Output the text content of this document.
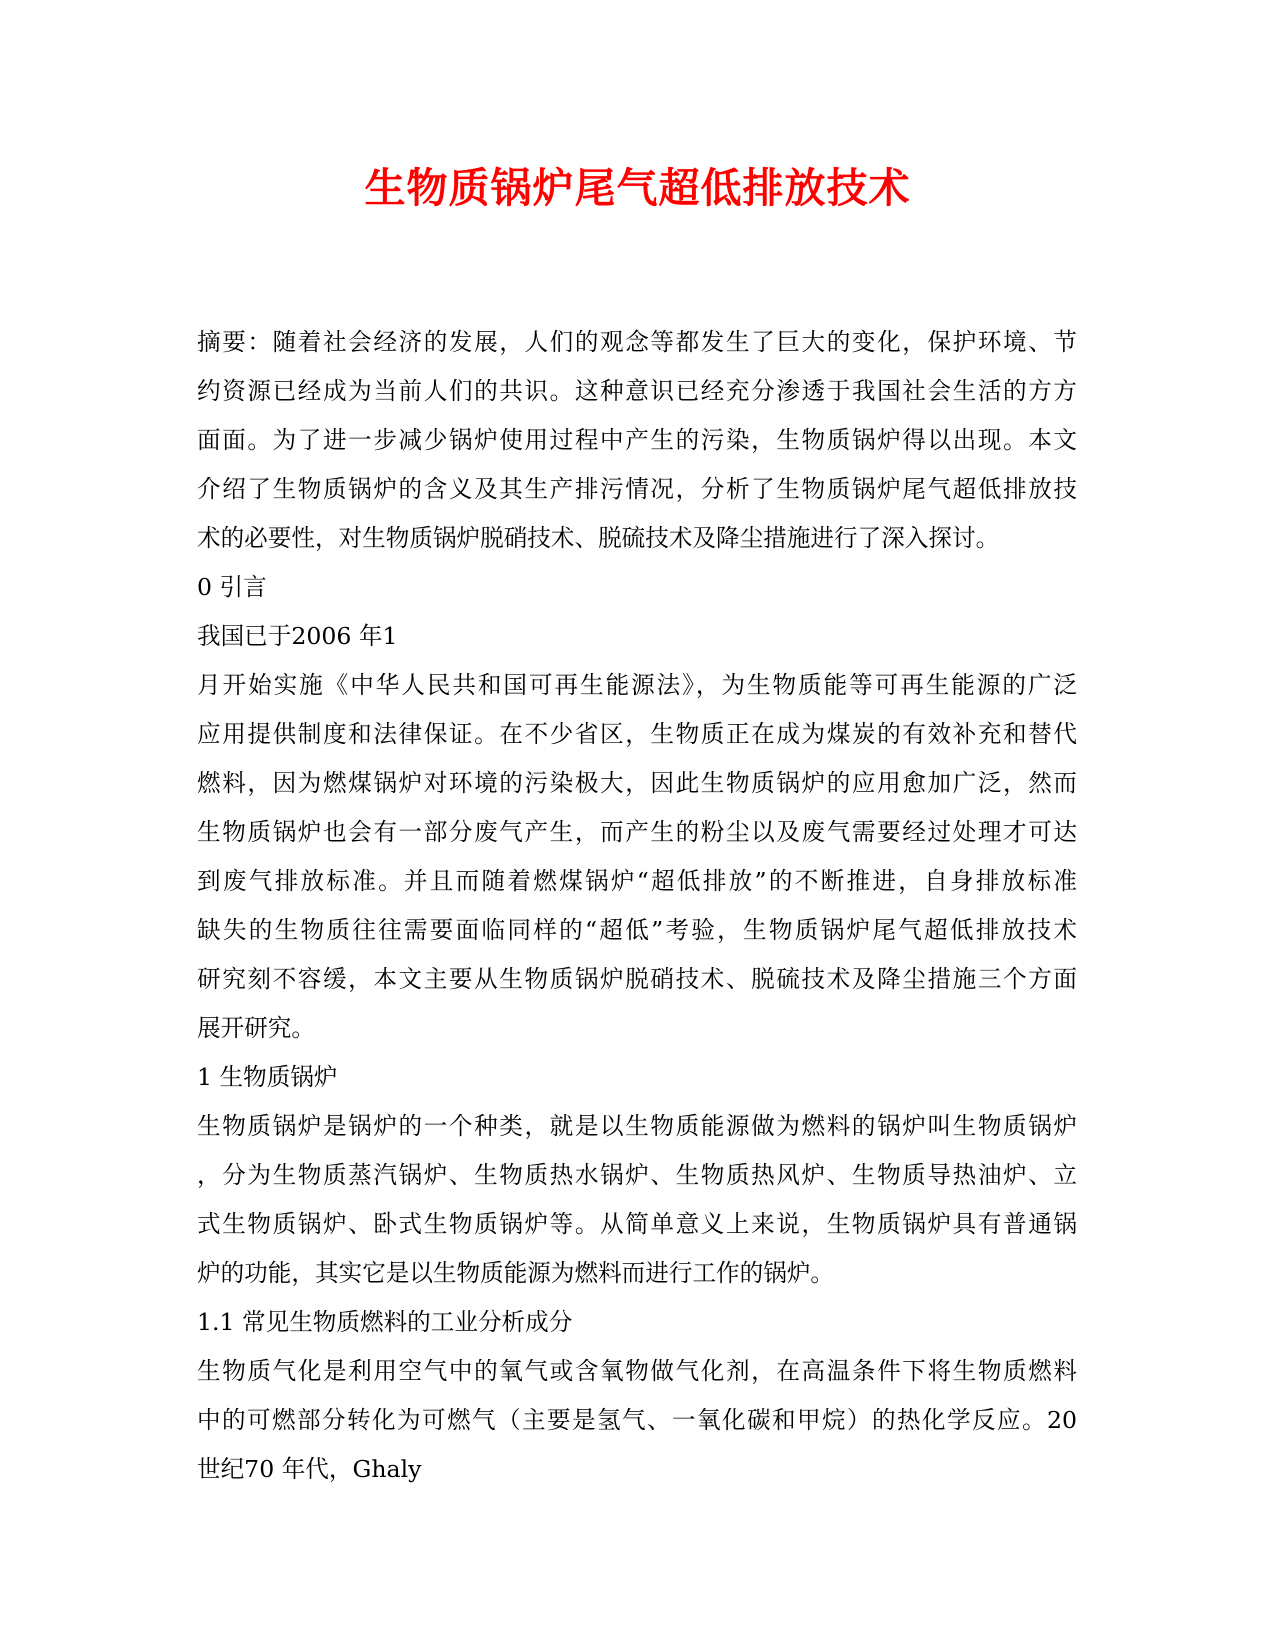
生物质锅炉尾气超低排放技术
摘要：随着社会经济的发展，人们的观念等都发生了巨大的变化，保护环境、节
约资源已经成为当前人们的共识。这种意识已经充分渗透于我国社会生活的方方
面面。为了进一步减少锅炉使用过程中产生的污染，生物质锅炉得以出现。本文
介绍了生物质锅炉的含义及其生产排污情况，分析了生物质锅炉尾气超低排放技
术的必要性，对生物质锅炉脱硝技术、脱硫技术及降尘措施进行了深入探讨。
0 引言
我国已于2006 年1
月开始实施《中华人民共和国可再生能源法》，为生物质能等可再生能源的广泛
应用提供制度和法律保证。在不少省区，生物质正在成为煤炭的有效补充和替代
燃料，因为燃煤锅炉对环境的污染极大，因此生物质锅炉的应用愈加广泛，然而
生物质锅炉也会有一部分废气产生，而产生的粉尘以及废气需要经过处理才可达
到废气排放标准。并且而随着燃煤锅炉“超低排放”的不断推进，自身排放标准
缺失的生物质往往需要面临同样的“超低”考验，生物质锅炉尾气超低排放技术
研究刻不容缓，本文主要从生物质锅炉脱硝技术、脱硫技术及降尘措施三个方面
展开研究。
1 生物质锅炉
生物质锅炉是锅炉的一个种类，就是以生物质能源做为燃料的锅炉叫生物质锅炉
，分为生物质蒸汽锅炉、生物质热水锅炉、生物质热风炉、生物质导热油炉、立
式生物质锅炉、卧式生物质锅炉等。从简单意义上来说，生物质锅炉具有普通锅
炉的功能，其实它是以生物质能源为燃料而进行工作的锅炉。
1.1 常见生物质燃料的工业分析成分
生物质气化是利用空气中的氧气或含氧物做气化剂，在高温条件下将生物质燃料
中的可燃部分转化为可燃气（主要是氢气、一氧化碳和甲烷）的热化学反应。20
世纪70 年代，Ghaly
